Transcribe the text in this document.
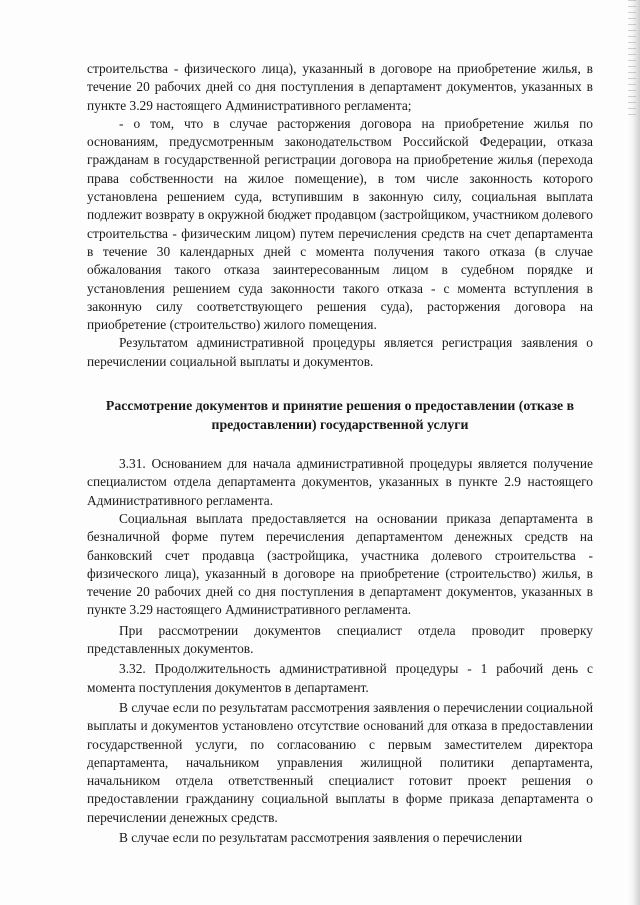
строительства - физического лица), указанный в договоре на приобретение жилья, в течение 20 рабочих дней со дня поступления в департамент документов, указанных в пункте 3.29 настоящего Административного регламента;

- о том, что в случае расторжения договора на приобретение жилья по основаниям, предусмотренным законодательством Российской Федерации, отказа гражданам в государственной регистрации договора на приобретение жилья (перехода права собственности на жилое помещение), в том числе законность которого установлена решением суда, вступившим в законную силу, социальная выплата подлежит возврату в окружной бюджет продавцом (застройщиком, участником долевого строительства - физическим лицом) путем перечисления средств на счет департамента в течение 30 календарных дней с момента получения такого отказа (в случае обжалования такого отказа заинтересованным лицом в судебном порядке и установления решением суда законности такого отказа - с момента вступления в законную силу соответствующего решения суда), расторжения договора на приобретение (строительство) жилого помещения.

Результатом административной процедуры является регистрация заявления о перечислении социальной выплаты и документов.

Рассмотрение документов и принятие решения о предоставлении (отказе в предоставлении) государственной услуги

3.31. Основанием для начала административной процедуры является получение специалистом отдела департамента документов, указанных в пункте 2.9 настоящего Административного регламента.

Социальная выплата предоставляется на основании приказа департамента в безналичной форме путем перечисления департаментом денежных средств на банковский счет продавца (застройщика, участника долевого строительства - физического лица), указанный в договоре на приобретение (строительство) жилья, в течение 20 рабочих дней со дня поступления в департамент документов, указанных в пункте 3.29 настоящего Административного регламента.

При рассмотрении документов специалист отдела проводит проверку представленных документов.

3.32. Продолжительность административной процедуры - 1 рабочий день с момента поступления документов в департамент.

В случае если по результатам рассмотрения заявления о перечислении социальной выплаты и документов установлено отсутствие оснований для отказа в предоставлении государственной услуги, по согласованию с первым заместителем директора департамента, начальником управления жилищной политики департамента, начальником отдела ответственный специалист готовит проект решения о предоставлении гражданину социальной выплаты в форме приказа департамента о перечислении денежных средств.

В случае если по результатам рассмотрения заявления о перечислении
